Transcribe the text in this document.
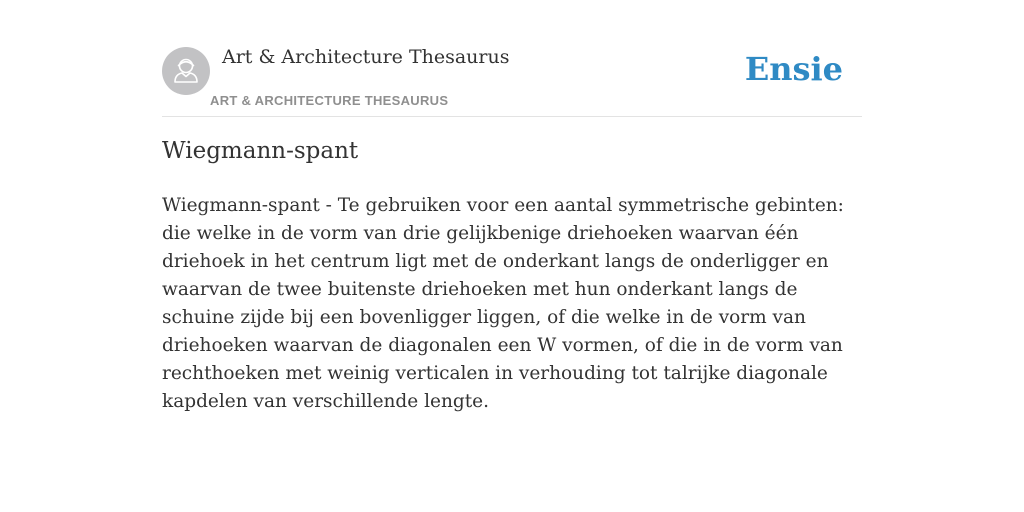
Art & Architecture Thesaurus
ART & ARCHITECTURE THESAURUS
Ensie
Wiegmann-spant

Wiegmann-spant - Te gebruiken voor een aantal symmetrische gebinten: die welke in de vorm van drie gelijkbenige driehoeken waarvan één driehoek in het centrum ligt met de onderkant langs de onderligger en waarvan de twee buitenste driehoeken met hun onderkant langs de schuine zijde bij een bovenligger liggen, of die welke in de vorm van driehoeken waarvan de diagonalen een W vormen, of die in de vorm van rechthoeken met weinig verticalen in verhouding tot talrijke diagonale kapdelen van verschillende lengte.
